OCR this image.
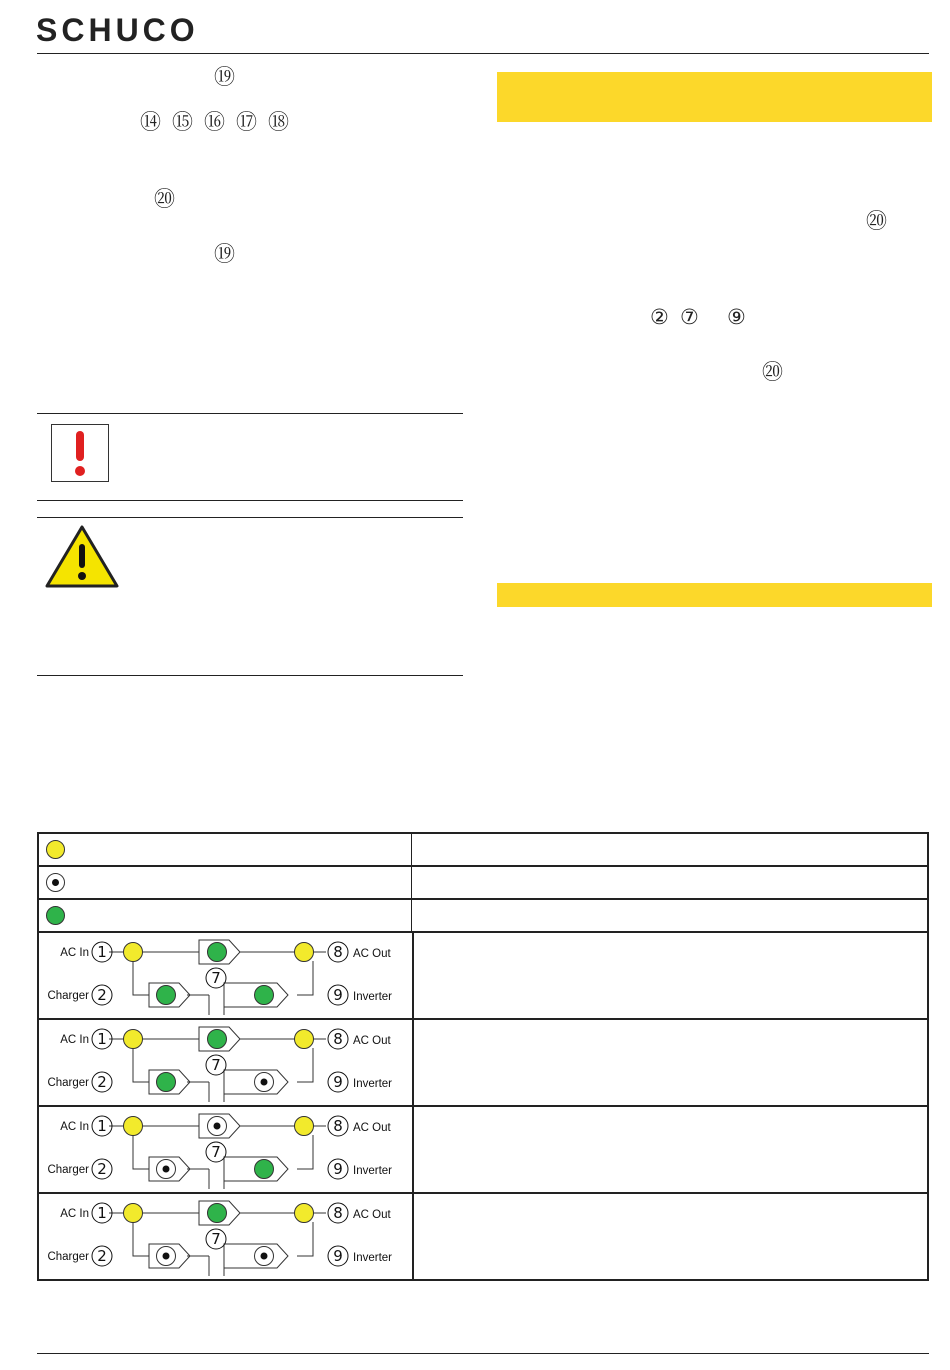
SCHUCO
⑲
⑭ ⑮ ⑯ ⑰ ⑱
⑳
⑲
⑳
② ⑦ ⑨
⑳
AC In
Charger
AC Out
Inverter
1
2
7
8
9
AC In
Charger
AC Out
Inverter
1
2
7
8
9
AC In
Charger
AC Out
Inverter
1
2
7
8
9
AC In
Charger
AC Out
Inverter
1
2
7
8
9
